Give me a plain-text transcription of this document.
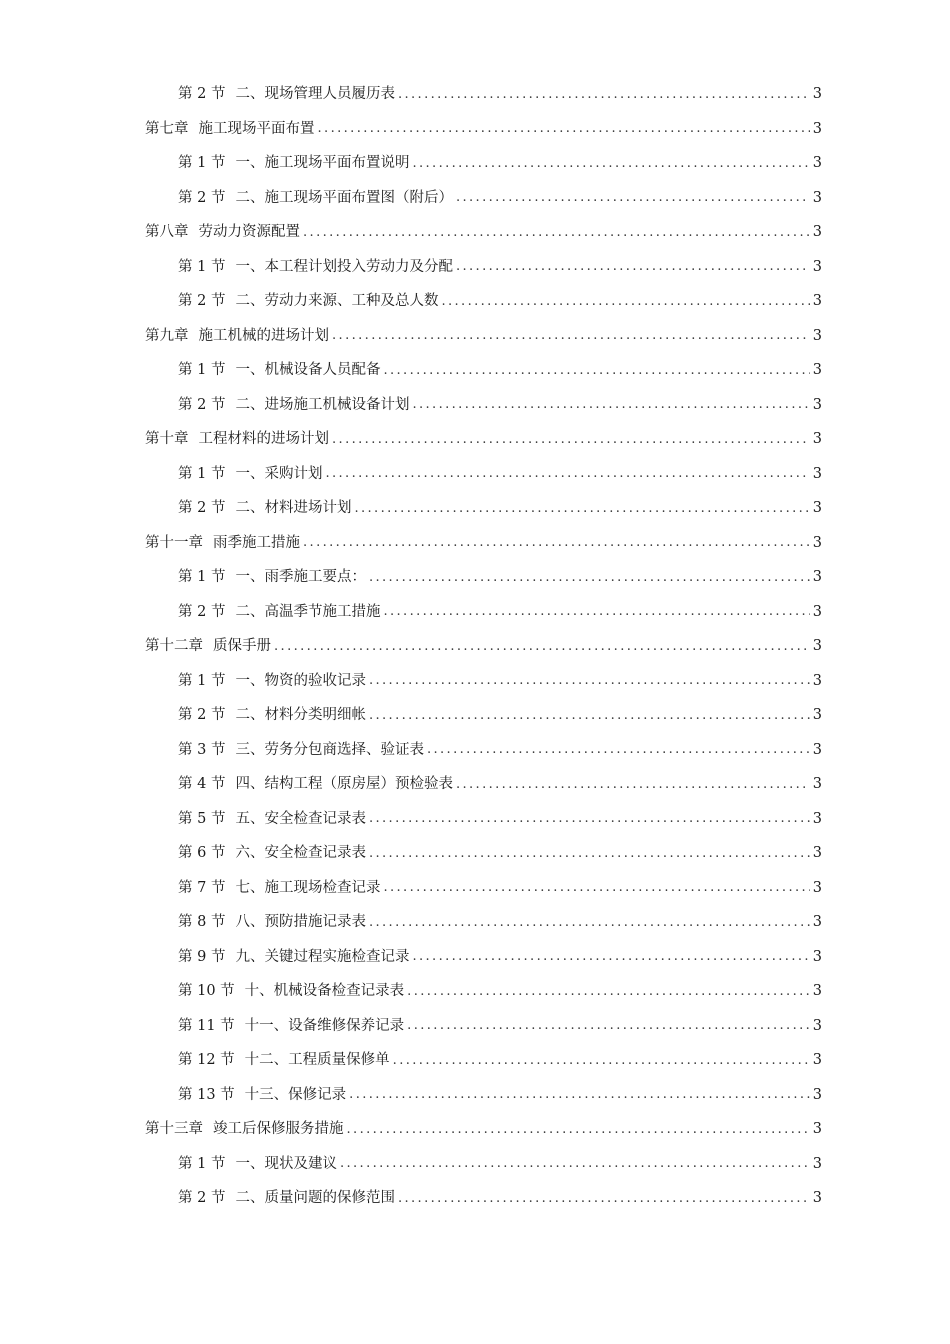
第 2 节 二、现场管理人员履历表 .....	3
第七章 施工现场平面布置 .....	3
第 1 节 一、施工现场平面布置说明 .....	3
第 2 节 二、施工现场平面布置图（附后） .....	3
第八章 劳动力资源配置 .....	3
第 1 节 一、本工程计划投入劳动力及分配 .....	3
第 2 节 二、劳动力来源、工种及总人数 .....	3
第九章 施工机械的进场计划 .....	3
第 1 节 一、机械设备人员配备 .....	3
第 2 节 二、进场施工机械设备计划 .....	3
第十章 工程材料的进场计划 .....	3
第 1 节 一、采购计划 .....	3
第 2 节 二、材料进场计划 .....	3
第十一章 雨季施工措施 .....	3
第 1 节 一、雨季施工要点： .....	3
第 2 节 二、高温季节施工措施 .....	3
第十二章 质保手册 .....	3
第 1 节 一、物资的验收记录 .....	3
第 2 节 二、材料分类明细帐 .....	3
第 3 节 三、劳务分包商选择、验证表 .....	3
第 4 节 四、结构工程（原房屋）预检验表 .....	3
第 5 节 五、安全检查记录表 .....	3
第 6 节 六、安全检查记录表 .....	3
第 7 节 七、施工现场检查记录 .....	3
第 8 节 八、预防措施记录表 .....	3
第 9 节 九、关键过程实施检查记录 .....	3
第 10 节 十、机械设备检查记录表 .....	3
第 11 节 十一、设备维修保养记录 .....	3
第 12 节 十二、工程质量保修单 .....	3
第 13 节 十三、保修记录 .....	3
第十三章 竣工后保修服务措施 .....	3
第 1 节 一、现状及建议 .....	3
第 2 节 二、质量问题的保修范围 .....	3
